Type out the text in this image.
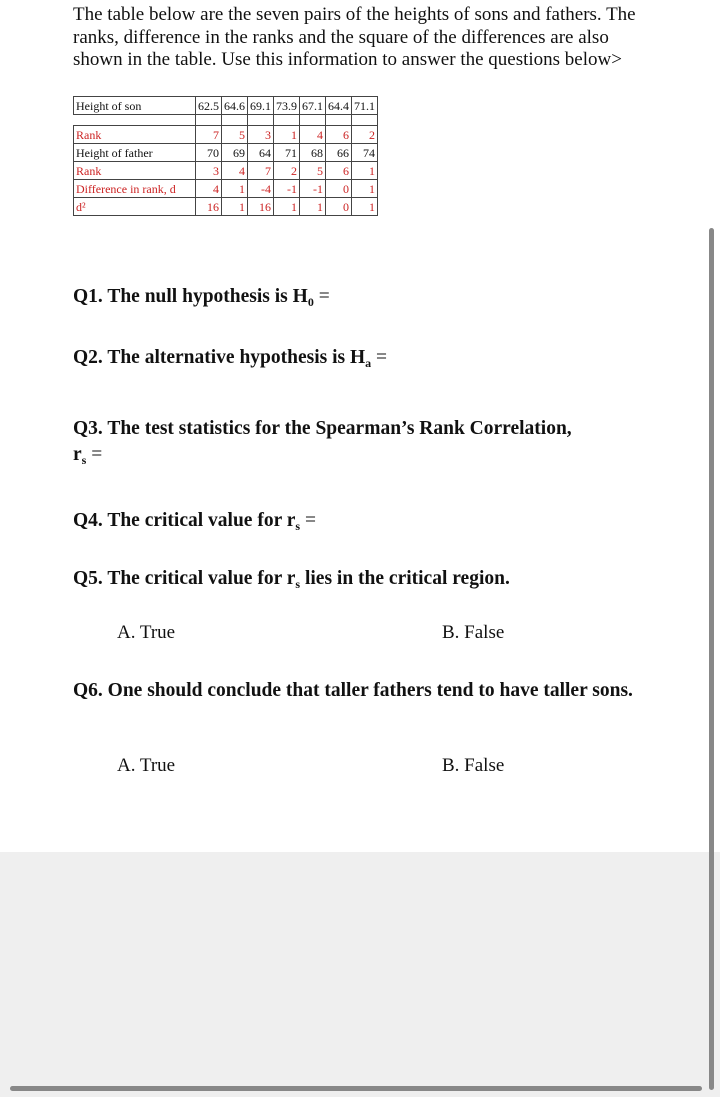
The table below are the seven pairs of the heights of sons and fathers. The ranks, difference in the ranks and the square of the differences are also shown in the table. Use this information to answer the questions below>
Height of son	62.5	64.6	69.1	73.9	67.1	64.4	71.1

Rank	7	5	3	1	4	6	2
Height of father	70	69	64	71	68	66	74
Rank	3	4	7	2	5	6	1
Difference in rank, d	4	1	-4	-1	-1	0	1
d²	16	1	16	1	1	0	1
Q1. The null hypothesis is $H_0$ =
Q2. The alternative hypothesis is $H_a$ =
Q3. The test statistics for the Spearman’s Rank Correlation,
$r_s$ =
Q4. The critical value for $r_s$ =
Q5. The critical value for $r_s$ lies in the critical region.
A. True	B. False
Q6. One should conclude that taller fathers tend to have taller sons.
A. True	B. False
